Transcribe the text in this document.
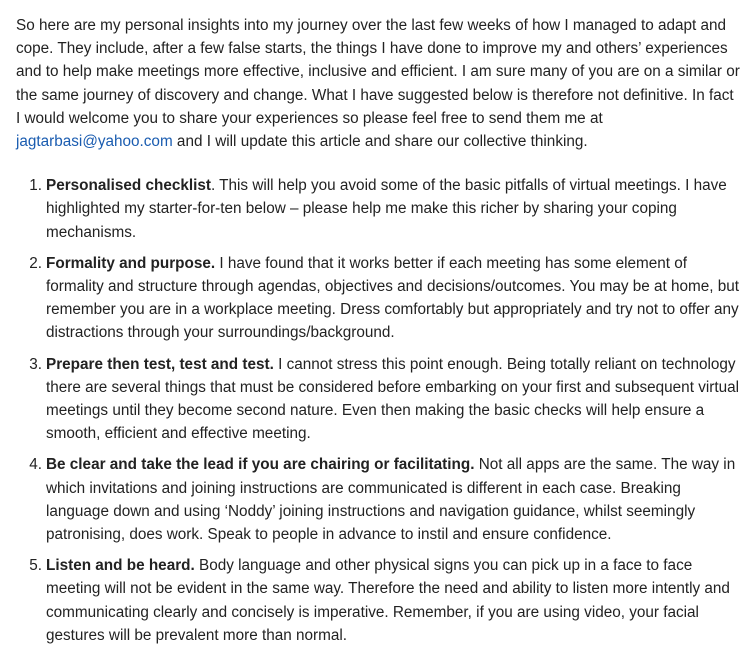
So here are my personal insights into my journey over the last few weeks of how I managed to adapt and cope. They include, after a few false starts, the things I have done to improve my and others’ experiences and to help make meetings more effective, inclusive and efficient. I am sure many of you are on a similar or the same journey of discovery and change. What I have suggested below is therefore not definitive. In fact I would welcome you to share your experiences so please feel free to send them me at jagtarbasi@yahoo.com and I will update this article and share our collective thinking.

1. Personalised checklist. This will help you avoid some of the basic pitfalls of virtual meetings. I have highlighted my starter-for-ten below – please help me make this richer by sharing your coping mechanisms.
2. Formality and purpose. I have found that it works better if each meeting has some element of formality and structure through agendas, objectives and decisions/outcomes. You may be at home, but remember you are in a workplace meeting. Dress comfortably but appropriately and try not to offer any distractions through your surroundings/background.
3. Prepare then test, test and test. I cannot stress this point enough. Being totally reliant on technology there are several things that must be considered before embarking on your first and subsequent virtual meetings until they become second nature. Even then making the basic checks will help ensure a smooth, efficient and effective meeting.
4. Be clear and take the lead if you are chairing or facilitating. Not all apps are the same. The way in which invitations and joining instructions are communicated is different in each case. Breaking language down and using ‘Noddy’ joining instructions and navigation guidance, whilst seemingly patronising, does work. Speak to people in advance to instil and ensure confidence.
5. Listen and be heard. Body language and other physical signs you can pick up in a face to face meeting will not be evident in the same way. Therefore the need and ability to listen more intently and communicating clearly and concisely is imperative. Remember, if you are using video, your facial gestures will be prevalent more than normal.
